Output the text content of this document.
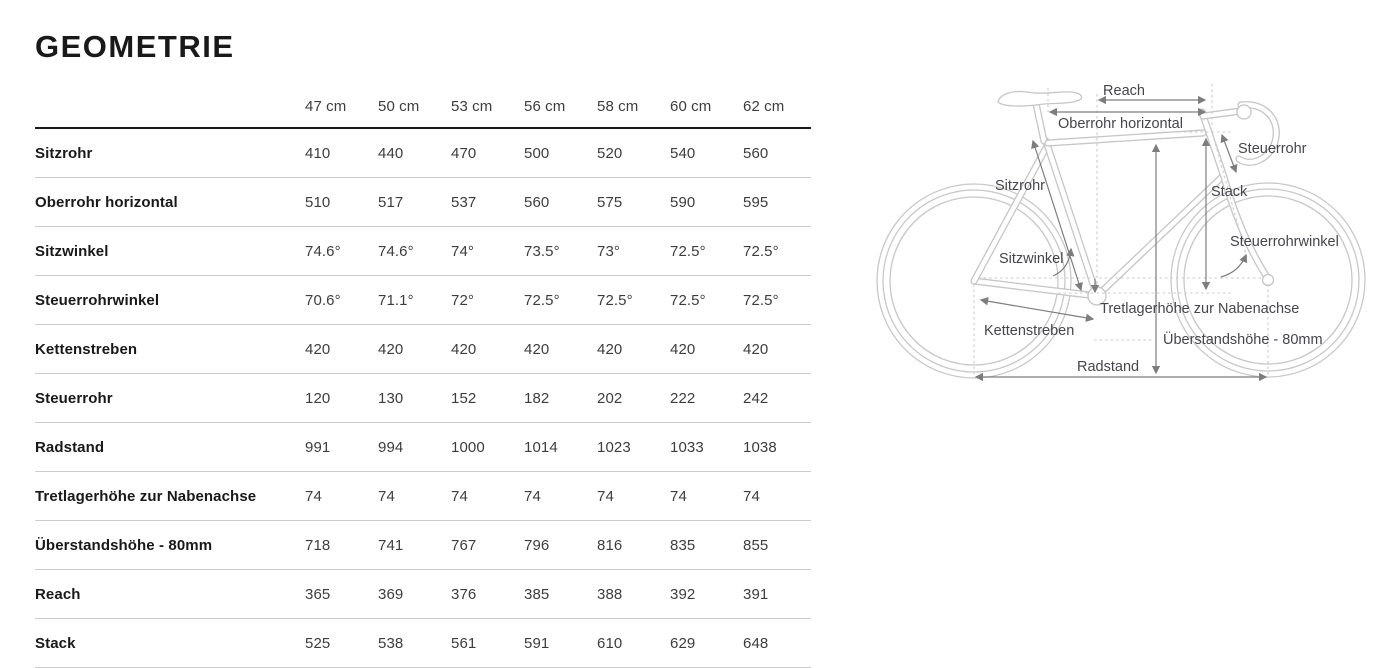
GEOMETRIE
	47 cm	50 cm	53 cm	56 cm	58 cm	60 cm	62 cm
Sitzrohr	410	440	470	500	520	540	560
Oberrohr horizontal	510	517	537	560	575	590	595
Sitzwinkel	74.6°	74.6°	74°	73.5°	73°	72.5°	72.5°
Steuerrohrwinkel	70.6°	71.1°	72°	72.5°	72.5°	72.5°	72.5°
Kettenstreben	420	420	420	420	420	420	420
Steuerrohr	120	130	152	182	202	222	242
Radstand	991	994	1000	1014	1023	1033	1038
Tretlagerhöhe zur Nabenachse	74	74	74	74	74	74	74
Überstandshöhe - 80mm	718	741	767	796	816	835	855
Reach	365	369	376	385	388	392	391
Stack	525	538	561	591	610	629	648
Reach
Oberrohr horizontal
Steuerrohr
Sitzrohr	Stack
Steuerrohrwinkel
Sitzwinkel
Tretlagerhöhe zur Nabenachse
Kettenstreben
Überstandshöhe - 80mm
Radstand
